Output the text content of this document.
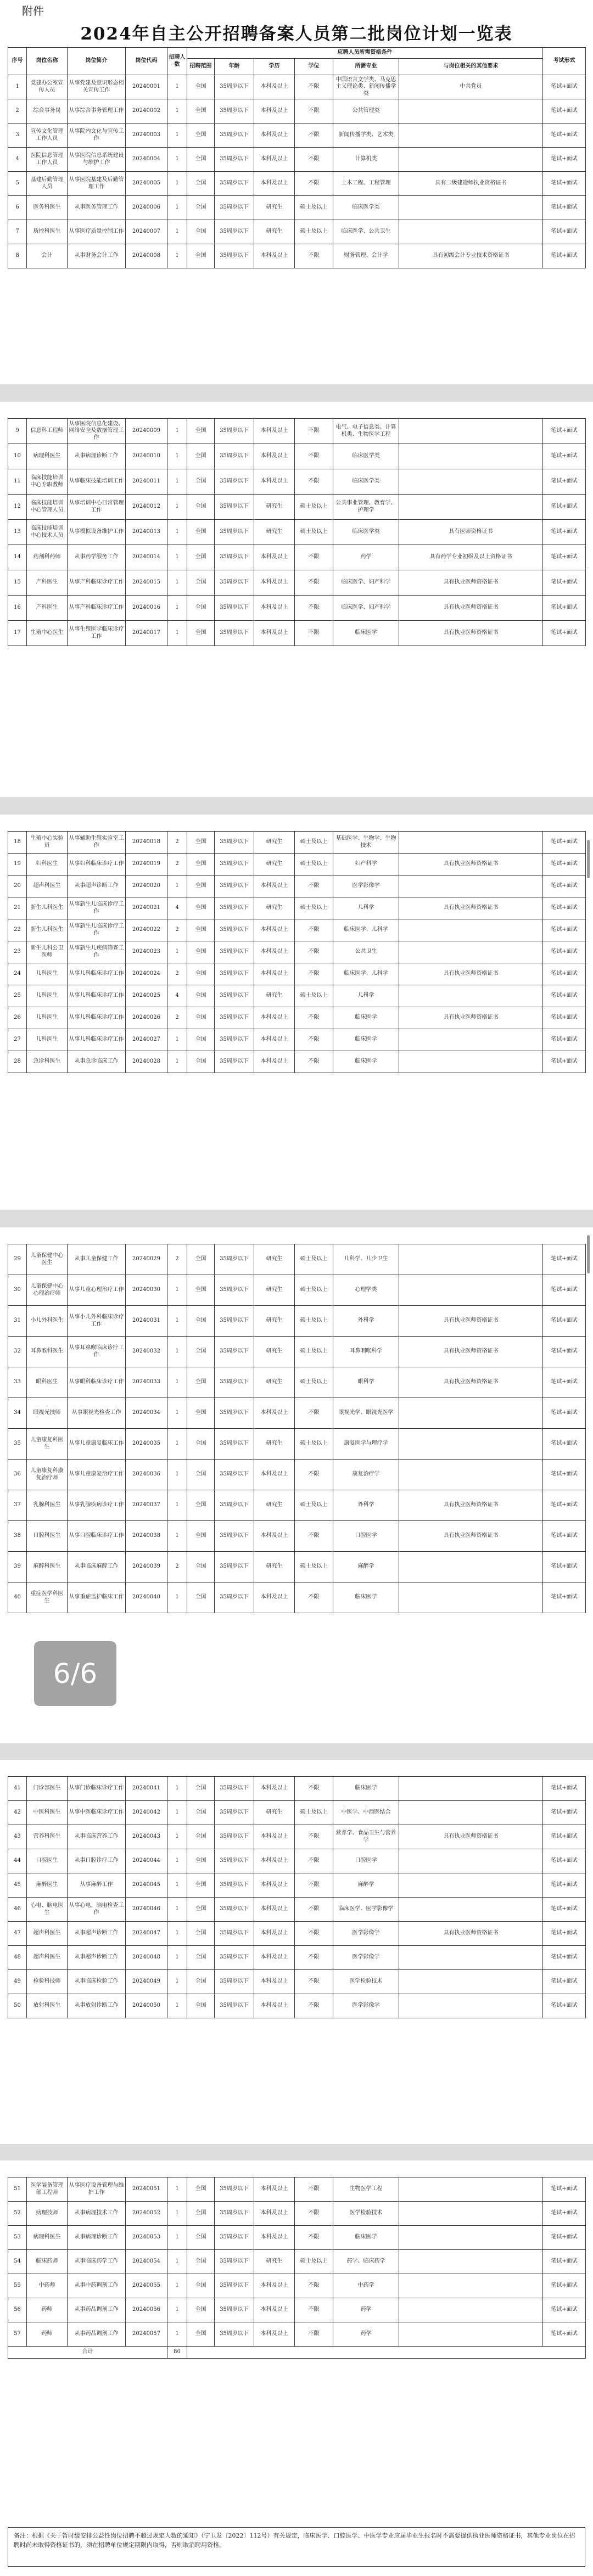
附件
2024年自主公开招聘备案人员第二批岗位计划一览表
序号	岗位名称	岗位简介	岗位代码	招聘人数	应聘人员所需资格条件						考试形式
					招聘范围	年龄	学历	学位	所需专业	与岗位相关的其他要求	
1	党建办公室宣传人员	从事党建及意识形态相关宣传工作	20240001	1	全国	35周岁以下	本科及以上	不限	中国语言文学类、马克思主义理论类、新闻传播学类	中共党员	笔试+面试
2	综合事务岗	从事综合事务管理工作	20240002	1	全国	35周岁以下	本科及以上	不限	公共管理类		笔试+面试
3	宣传文化管理工作人员	从事院内文化与宣传工作	20240003	1	全国	35周岁以下	本科及以上	不限	新闻传播学类、艺术类		笔试+面试
4	医院信息管理工作人员	从事医院信息系统建设与维护工作	20240004	1	全国	35周岁以下	本科及以上	不限	计算机类		笔试+面试
5	基建后勤管理人员	从事医院基建及后勤管理工作	20240005	1	全国	35周岁以下	本科及以上	不限	土木工程、工程管理	具有二级建造师执业资格证书	笔试+面试
6	医务科医生	从事医务管理工作	20240006	1	全国	35周岁以下	研究生	硕士及以上	临床医学类		笔试+面试
7	质控科医生	从事医疗质量控制工作	20240007	1	全国	35周岁以下	研究生	硕士及以上	临床医学、公共卫生		笔试+面试
8	会计	从事财务会计工作	20240008	1	全国	35周岁以下	本科及以上	不限	财务管理、会计学	具有初级会计专业技术资格证书	笔试+面试
9	信息科工程师	从事医院信息化建设、网络安全及数据管理工作	20240009	1	全国	35周岁以下	本科及以上	不限	电气、电子信息类、计算机类、生物医学工程		笔试+面试
10	病理科医生	从事病理诊断工作	20240010	1	全国	35周岁以下	本科及以上	不限	临床医学类		笔试+面试
11	临床技能培训中心专职教师	从事临床技能培训工作	20240011	1	全国	35周岁以下	本科及以上	不限	临床医学类		笔试+面试
12	临床技能培训中心管理人员	从事培训中心日常管理工作	20240012	1	全国	35周岁以下	研究生	硕士及以上	公共事业管理、教育学、护理学		笔试+面试
13	临床技能培训中心技术人员	从事模拟设备维护工作	20240013	1	全国	35周岁以下	研究生	硕士及以上	临床医学类	具有医师资格证书	笔试+面试
14	药剂科药师	从事药学服务工作	20240014	1	全国	35周岁以下	本科及以上	不限	药学	具有药学专业初级及以上资格证书	笔试+面试
15	产科医生	从事产科临床诊疗工作	20240015	1	全国	35周岁以下	本科及以上	不限	临床医学、妇产科学	具有执业医师资格证书	笔试+面试
16	产科医生	从事产科临床诊疗工作	20240016	1	全国	35周岁以下	本科及以上	不限	临床医学、妇产科学	具有执业医师资格证书	笔试+面试
17	生殖中心医生	从事生殖医学临床诊疗工作	20240017	1	全国	35周岁以下	本科及以上	不限	临床医学	具有执业医师资格证书	笔试+面试
18	生殖中心实验员	从事辅助生殖实验室工作	20240018	2	全国	35周岁以下	研究生	硕士及以上	基础医学、生物学、生物技术		笔试+面试
19	妇科医生	从事妇科临床诊疗工作	20240019	2	全国	35周岁以下	研究生	硕士及以上	妇产科学	具有执业医师资格证书	笔试+面试
20	超声科医生	从事超声诊断工作	20240020	1	全国	35周岁以下	本科及以上	不限	医学影像学		笔试+面试
21	新生儿科医生	从事新生儿临床诊疗工作	20240021	4	全国	35周岁以下	研究生	硕士及以上	儿科学	具有执业医师资格证书	笔试+面试
22	新生儿科医生	从事新生儿临床诊疗工作	20240022	2	全国	35周岁以下	本科及以上	不限	临床医学、儿科学		笔试+面试
23	新生儿科公卫医师	从事新生儿疾病筛查工作	20240023	1	全国	35周岁以下	本科及以上	不限	公共卫生		笔试+面试
24	儿科医生	从事儿科临床诊疗工作	20240024	2	全国	35周岁以下	本科及以上	不限	临床医学、儿科学	具有执业医师资格证书	笔试+面试
25	儿科医生	从事儿科临床诊疗工作	20240025	4	全国	35周岁以下	研究生	硕士及以上	儿科学		笔试+面试
26	儿科医生	从事儿科临床诊疗工作	20240026	2	全国	35周岁以下	本科及以上	不限	临床医学	具有执业医师资格证书	笔试+面试
27	儿科医生	从事儿科临床诊疗工作	20240027	1	全国	35周岁以下	本科及以上	不限	临床医学		笔试+面试
28	急诊科医生	从事急诊临床工作	20240028	1	全国	35周岁以下	本科及以上	不限	临床医学		笔试+面试
29	儿童保健中心医生	从事儿童保健工作	20240029	2	全国	35周岁以下	研究生	硕士及以上	儿科学、儿少卫生		笔试+面试
30	儿童保健中心心理治疗师	从事儿童心理治疗工作	20240030	1	全国	35周岁以下	研究生	硕士及以上	心理学类		笔试+面试
31	小儿外科医生	从事小儿外科临床诊疗工作	20240031	1	全国	35周岁以下	研究生	硕士及以上	外科学	具有执业医师资格证书	笔试+面试
32	耳鼻喉科医生	从事耳鼻喉临床诊疗工作	20240032	1	全国	35周岁以下	研究生	硕士及以上	耳鼻咽喉科学	具有执业医师资格证书	笔试+面试
33	眼科医生	从事眼科临床诊疗工作	20240033	1	全国	35周岁以下	研究生	硕士及以上	眼科学	具有执业医师资格证书	笔试+面试
34	眼视光技师	从事眼视光检查工作	20240034	1	全国	35周岁以下	本科及以上	不限	眼视光学、眼视光医学		笔试+面试
35	儿童康复科医生	从事儿童康复临床工作	20240035	1	全国	35周岁以下	研究生	硕士及以上	康复医学与理疗学		笔试+面试
36	儿童康复科康复治疗师	从事儿童康复治疗工作	20240036	1	全国	35周岁以下	本科及以上	不限	康复治疗学		笔试+面试
37	乳腺科医生	从事乳腺疾病诊疗工作	20240037	1	全国	35周岁以下	研究生	硕士及以上	外科学	具有执业医师资格证书	笔试+面试
38	口腔科医生	从事口腔临床诊疗工作	20240038	1	全国	35周岁以下	本科及以上	不限	口腔医学	具有执业医师资格证书	笔试+面试
39	麻醉科医生	从事临床麻醉工作	20240039	2	全国	35周岁以下	研究生	硕士及以上	麻醉学		笔试+面试
40	重症医学科医生	从事重症监护临床工作	20240040	1	全国	35周岁以下	本科及以上	不限	临床医学		笔试+面试
41	门诊部医生	从事门诊临床诊疗工作	20240041	1	全国	35周岁以下	本科及以上	不限	临床医学		笔试+面试
42	中医科医生	从事中医临床诊疗工作	20240042	1	全国	35周岁以下	研究生	硕士及以上	中医学、中西医结合		笔试+面试
43	营养科医生	从事临床营养工作	20240043	1	全国	35周岁以下	本科及以上	不限	营养学、食品卫生与营养学	具有执业医师资格证书	笔试+面试
44	口腔医生	从事口腔诊疗工作	20240044	1	全国	35周岁以下	本科及以上	不限	口腔医学		笔试+面试
45	麻醉医生	从事麻醉工作	20240045	1	全国	35周岁以下	本科及以上	不限	麻醉学		笔试+面试
46	心电、脑电医生	从事心电、脑电检查工作	20240046	1	全国	35周岁以下	本科及以上	不限	临床医学、医学影像学		笔试+面试
47	超声科医生	从事超声诊断工作	20240047	1	全国	35周岁以下	本科及以上	不限	医学影像学	具有执业医师资格证书	笔试+面试
48	超声科医生	从事超声诊断工作	20240048	1	全国	35周岁以下	本科及以上	不限	医学影像学		笔试+面试
49	检验科技师	从事临床检验工作	20240049	1	全国	35周岁以下	本科及以上	不限	医学检验技术		笔试+面试
50	放射科医生	从事放射诊断工作	20240050	1	全国	35周岁以下	本科及以上	不限	医学影像学		笔试+面试
51	医学装备管理部工程师	从事医疗设备管理与维护工作	20240051	1	全国	35周岁以下	本科及以上	不限	生物医学工程		笔试+面试
52	病理技师	从事病理技术工作	20240052	1	全国	35周岁以下	本科及以上	不限	医学检验技术		笔试+面试
53	病理科医生	从事病理诊断工作	20240053	1	全国	35周岁以下	本科及以上	不限	临床医学		笔试+面试
54	临床药师	从事临床药学工作	20240054	1	全国	35周岁以下	研究生	硕士及以上	药学、临床药学		笔试+面试
55	中药师	从事中药调剂工作	20240055	1	全国	35周岁以下	本科及以上	不限	中药学		笔试+面试
56	药师	从事药品调剂工作	20240056	1	全国	35周岁以下	本科及以上	不限	药学		笔试+面试
57	药师	从事药品调剂工作	20240057	1	全国	35周岁以下	本科及以上	不限	药学		笔试+面试
合计				80							
备注：根据《关于暂时缓安排公益性岗位招聘不超过规定人数的通知》（宁卫发〔2022〕112号）有关规定，临床医学、口腔医学、中医学专业应届毕业生报名时不需要提供执业医师资格证书，其他专业岗位在招聘时尚未取得资格证书的，须在招聘单位规定期限内取得，否则取消聘用资格。
6/6
